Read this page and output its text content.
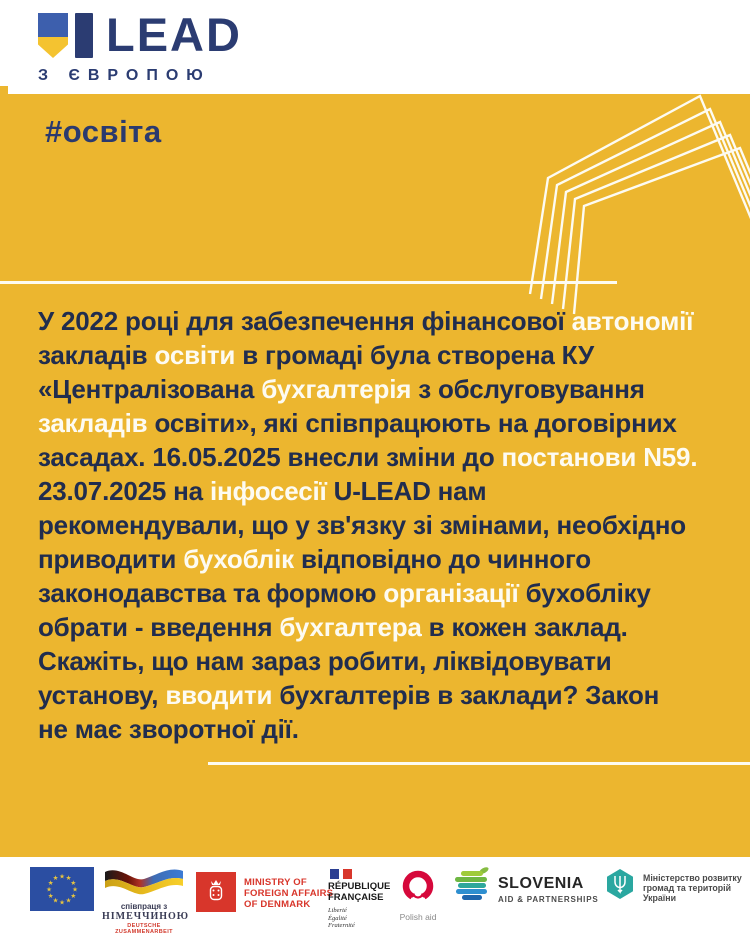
LEAD
З ЄВРОПОЮ
#освіта
У 2022 році для забезпечення фінансової автономії
закладів освіти в громаді була створена КУ
«Централізована бухгалтерія з обслуговування
закладів освіти», які співпрацюють на договірних
засадах. 16.05.2025 внесли зміни до постанови N59.
23.07.2025 на інфосесії U-LEAD нам
рекомендували, що у зв'язку зі змінами, необхідно
приводити бухоблік відповідно до чинного
законодавства та формою організації бухобліку
обрати - введення бухгалтера в кожен заклад.
Скажіть, що нам зараз робити, ліквідовувати
установу, вводити бухгалтерів в заклади? Закон
не має зворотної дії.
★ ★
★
★
★
★
★
★
★
★
★
★
співпраця з
НІМЕЧЧИНОЮ
DEUTSCHE ZUSAMMENARBEIT
MINISTRY OF
FOREIGN AFFAIRS
OF DENMARK
RÉPUBLIQUE
FRANÇAISE
Liberté
Égalité
Fraternité
Polish aid
SLOVENIA
AID & PARTNERSHIPS
Міністерство розвитку
громад та територій
України
